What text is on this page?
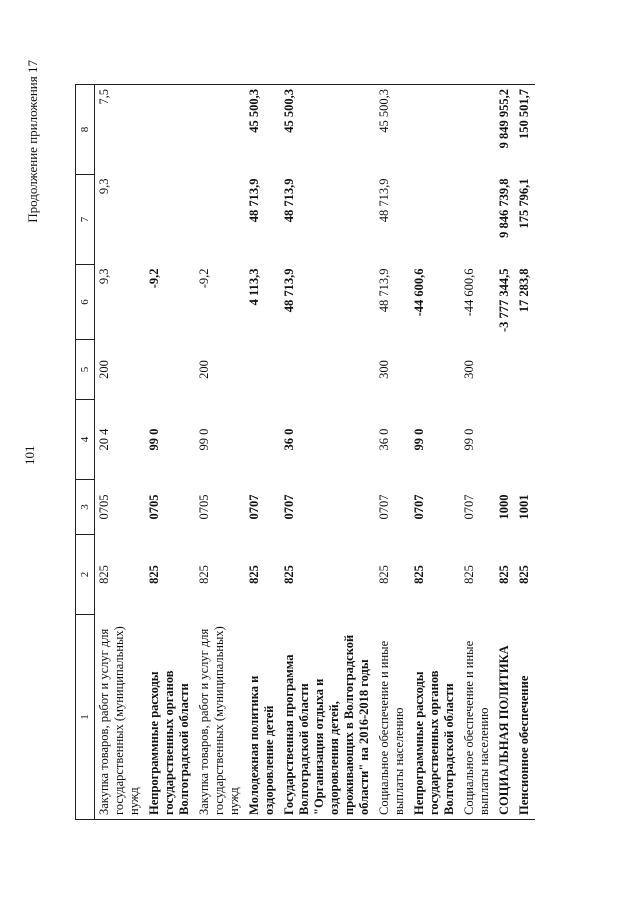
101
Продолжение приложения 17
1	2	3	4	5	6	7	8
Закупка товаров, работ и услуг для государственных (муниципальных) нужд	825	0705	20 4	200	9,3	9,3	7,5
Непрограммные расходы государственных органов Волгоградской области	825	0705	99 0		-9,2		
Закупка товаров, работ и услуг для государственных (муниципальных) нужд	825	0705	99 0	200	-9,2		
Молодежная политика и оздоровление детей	825	0707			4 113,3	48 713,9	45 500,3
Государственная программа Волгоградской области "Организация отдыха и оздоровления детей, проживающих в Волгоградской области" на 2016-2018 годы	825	0707	36 0		48 713,9	48 713,9	45 500,3
Социальное обеспечение и иные выплаты населению	825	0707	36 0	300	48 713,9	48 713,9	45 500,3
Непрограммные расходы государственных органов Волгоградской области	825	0707	99 0		-44 600,6		
Социальное обеспечение и иные выплаты населению	825	0707	99 0	300	-44 600,6		
СОЦИАЛЬНАЯ ПОЛИТИКА	825	1000			-3 777 344,5	9 846 739,8	9 849 955,2
Пенсионное обеспечение	825	1001			17 283,8	175 796,1	150 501,7
